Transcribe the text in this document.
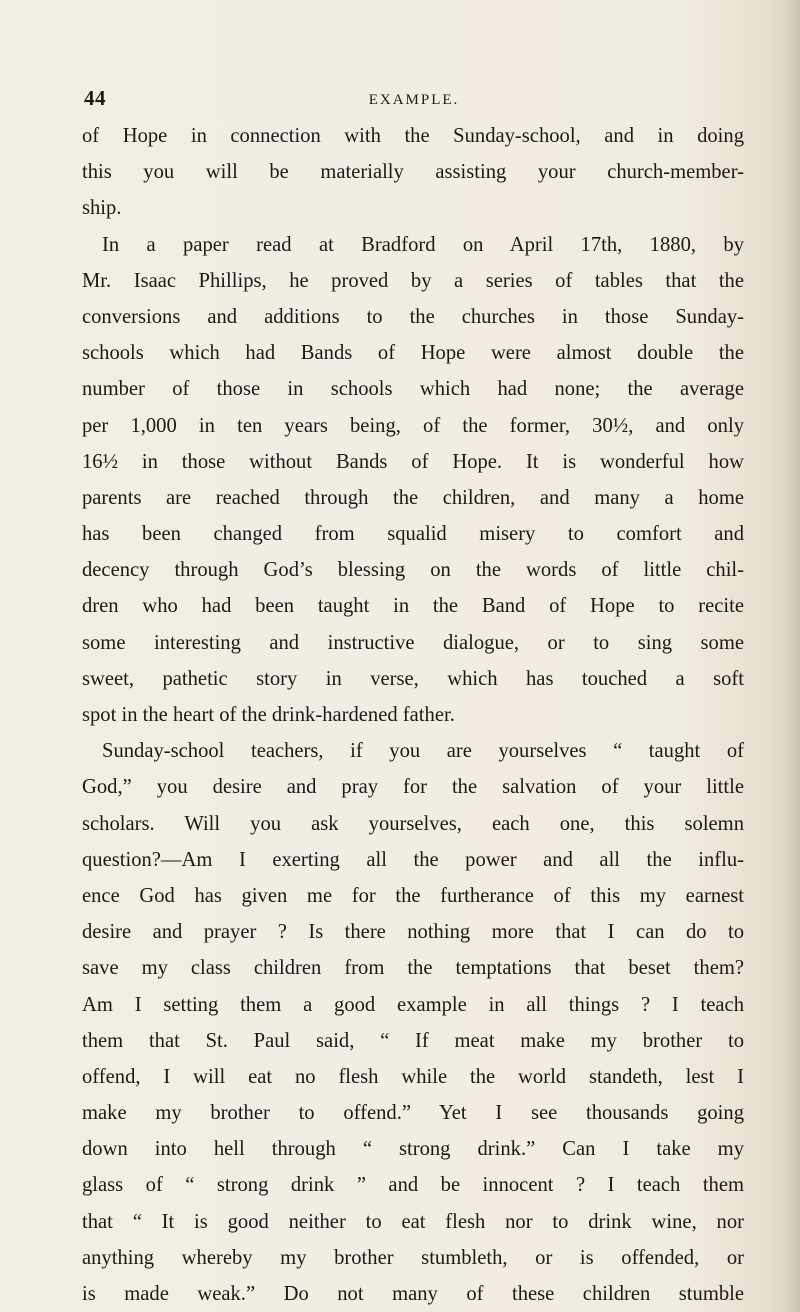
44	EXAMPLE.
of Hope in connection with the Sunday-school, and in doing
this you will be materially assisting your church-member-
ship.
In a paper read at Bradford on April 17th, 1880, by
Mr. Isaac Phillips, he proved by a series of tables that the
conversions and additions to the churches in those Sunday-
schools which had Bands of Hope were almost double the
number of those in schools which had none; the average
per 1,000 in ten years being, of the former, 30½, and only
16½ in those without Bands of Hope. It is wonderful how
parents are reached through the children, and many a home
has been changed from squalid misery to comfort and
decency through God’s blessing on the words of little chil-
dren who had been taught in the Band of Hope to recite
some interesting and instructive dialogue, or to sing some
sweet, pathetic story in verse, which has touched a soft
spot in the heart of the drink-hardened father.
Sunday-school teachers, if you are yourselves “ taught of
God,” you desire and pray for the salvation of your little
scholars. Will you ask yourselves, each one, this solemn
question?—Am I exerting all the power and all the influ-
ence God has given me for the furtherance of this my earnest
desire and prayer ? Is there nothing more that I can do to
save my class children from the temptations that beset them?
Am I setting them a good example in all things ? I teach
them that St. Paul said, “ If meat make my brother to
offend, I will eat no flesh while the world standeth, lest I
make my brother to offend.” Yet I see thousands going
down into hell through “ strong drink.” Can I take my
glass of “ strong drink ” and be innocent ? I teach them
that “ It is good neither to eat flesh nor to drink wine, nor
anything whereby my brother stumbleth, or is offended, or
is made weak.” Do not many of these children stumble
